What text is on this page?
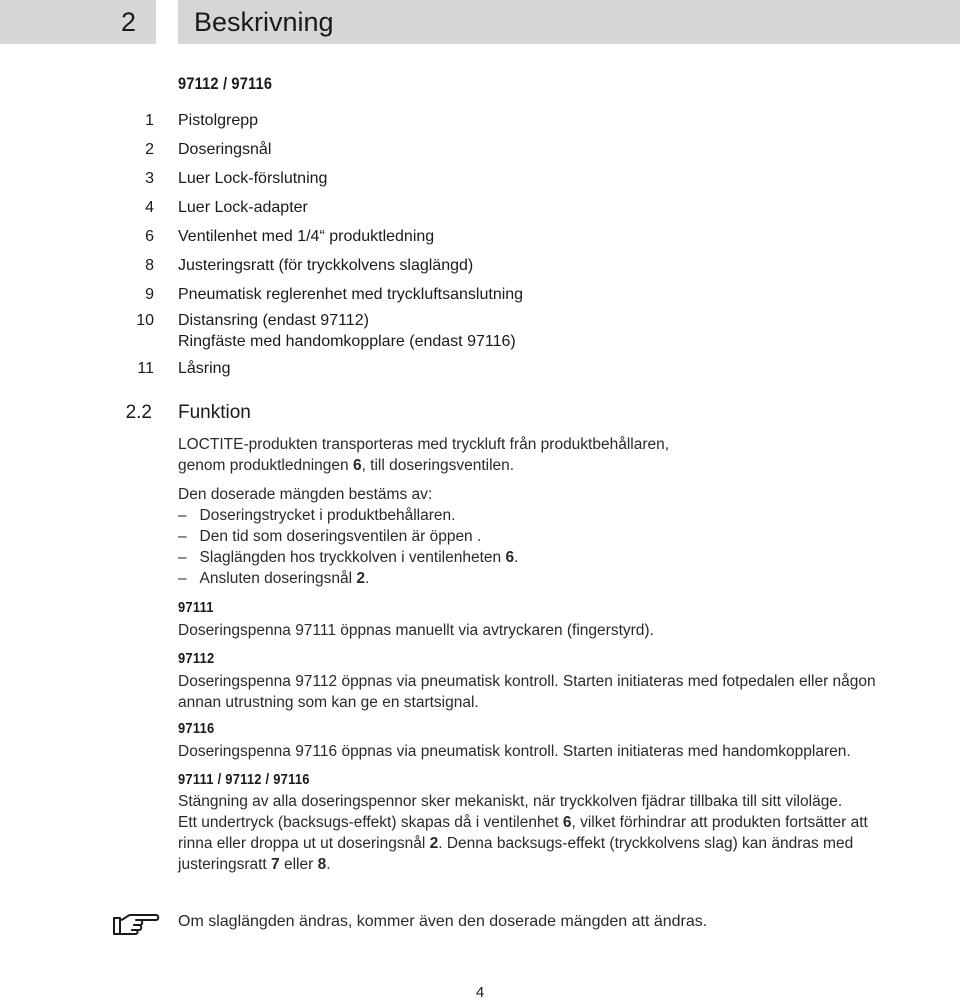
2 Beskrivning
97112 / 97116
1 Pistolgrepp
2 Doseringsnål
3 Luer Lock-förslutning
4 Luer Lock-adapter
6 Ventilenhet med 1/4“ produktledning
8 Justeringsratt (för tryckkolvens slaglängd)
9 Pneumatisk reglerenhet med tryckluftsanslutning
10 Distansring (endast 97112)
Ringfäste med handomkopplare (endast 97116)
11 Låsring
2.2 Funktion

LOCTITE-produkten transporteras med tryckluft från produktbehållaren,

genom produktledningen 6, till doseringsventilen.

Den doserade mängden bestäms av:
– Doseringstrycket i produktbehållaren.
– Den tid som doseringsventilen är öppen .
– Slaglängden hos tryckkolven i ventilenheten 6.
– Ansluten doseringsnål 2.
97111
Doseringspenna 97111 öppnas manuellt via avtryckaren (fingerstyrd).
97112

Doseringspenna 97112 öppnas via pneumatisk kontroll. Starten initiateras med fotpedalen eller någon

annan utrustning som kan ge en startsignal.

97116
Doseringspenna 97116 öppnas via pneumatisk kontroll. Starten initiateras med handomkopplaren.
97111 / 97112 / 97116

Stängning av alla doseringspennor sker mekaniskt, när tryckkolven fjädrar tillbaka till sitt viloläge.

Ett undertryck (backsugs-effekt) skapas då i ventilenhet 6, vilket förhindrar att produkten fortsätter att

rinna eller droppa ut ut doseringsnål 2. Denna backsugs-effekt (tryckkolvens slag) kan ändras med

justeringsratt 7 eller 8.

Om slaglängden ändras, kommer även den doserade mängden att ändras.
4
